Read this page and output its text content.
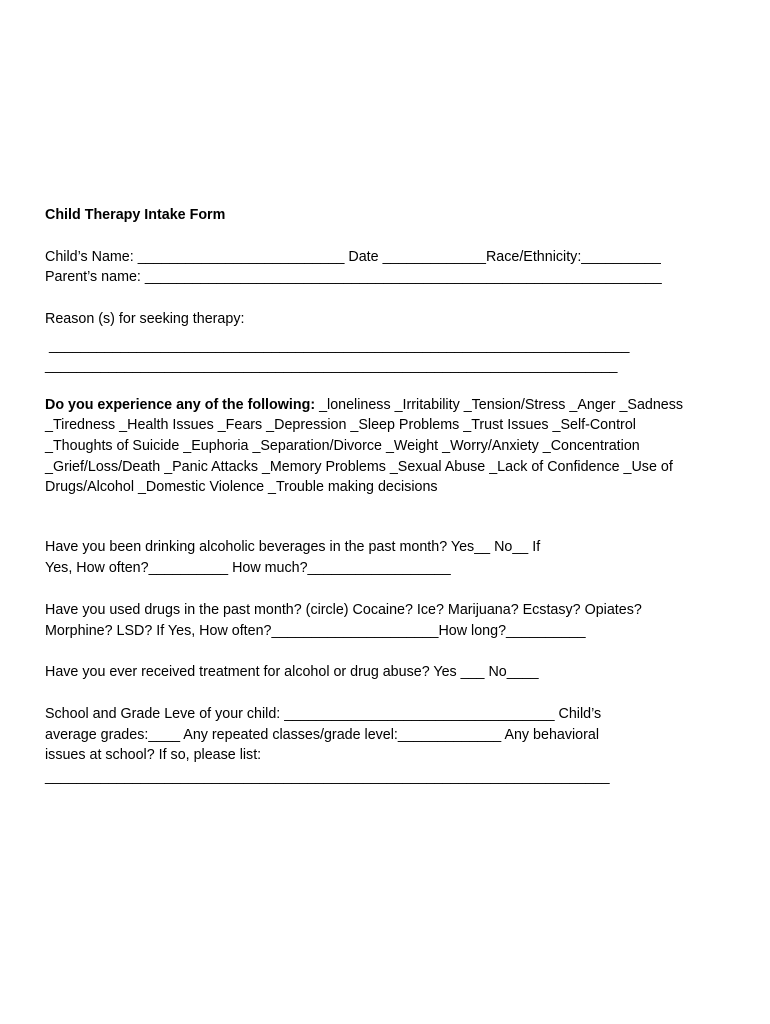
Child Therapy Intake Form

Child’s Name: __________________________ Date _____________Race/Ethnicity:__________

Parent’s name: _________________________________________________________________

Reason (s) for seeking therapy:

_________________________________________________________________________

________________________________________________________________________

Do you experience any of the following: _loneliness _Irritability _Tension/Stress _Anger _Sadness

_Tiredness _Health Issues _Fears _Depression _Sleep Problems _Trust Issues _Self-Control

_Thoughts of Suicide _Euphoria _Separation/Divorce _Weight _Worry/Anxiety _Concentration

_Grief/Loss/Death _Panic Attacks _Memory Problems _Sexual Abuse _Lack of Confidence _Use of

Drugs/Alcohol _Domestic Violence _Trouble making decisions

Have you been drinking alcoholic beverages in the past month? Yes__ No__ If

Yes, How often?__________ How much?__________________

Have you used drugs in the past month? (circle) Cocaine? Ice? Marijuana? Ecstasy? Opiates?

Morphine? LSD? If Yes, How often?_____________________How long?__________

Have you ever received treatment for alcohol or drug abuse? Yes ___ No____

School and Grade Leve of your child: __________________________________ Child’s

average grades:____ Any repeated classes/grade level:_____________ Any behavioral

issues at school? If so, please list:

_______________________________________________________________________
